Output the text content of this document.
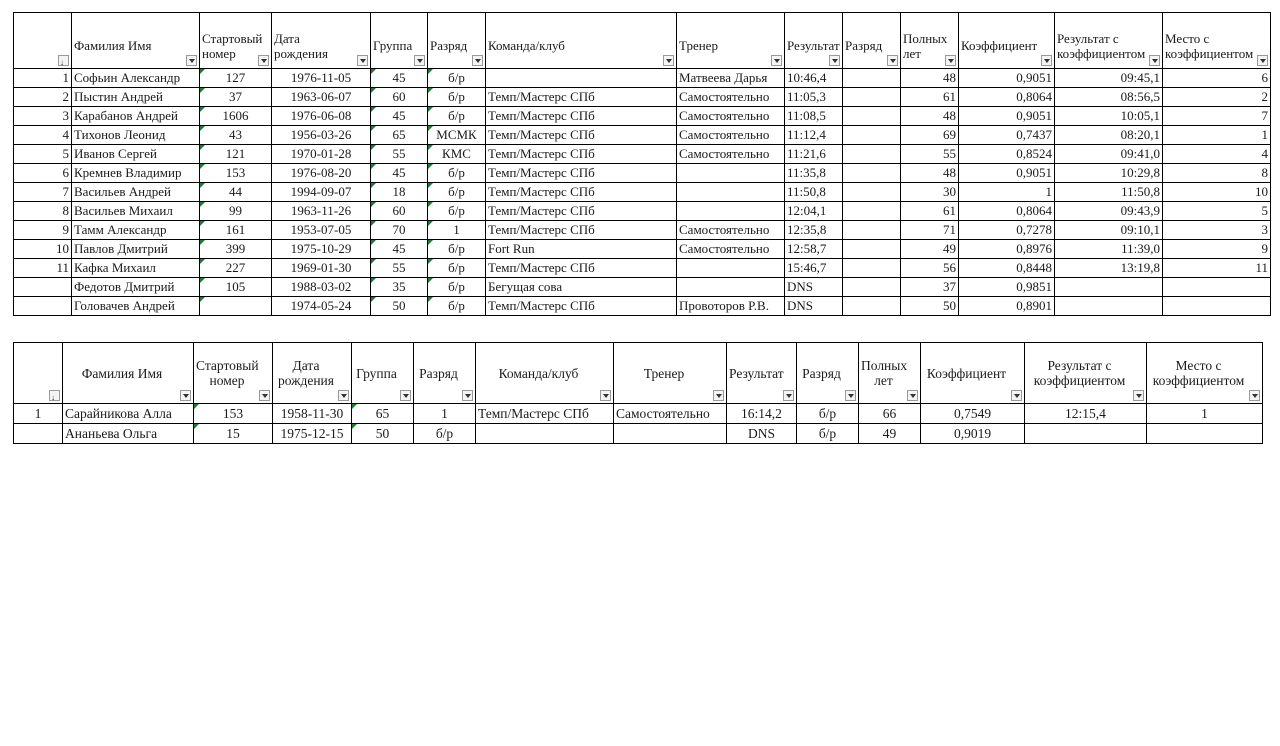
↓

Фамилия Имя	Стартовый номер	Дата рождения	Группа	Разряд	Команда/клуб	Тренер	Результат	Разряд	Полных лет	Коэффициент	Результат с коэффициентом	Место с коэффициентом

1	Софьин Александр	127	1976-11-05	45	б/р		Матвеева Дарья	10:46,4		48	0,9051	09:45,1	6
2	Пыстин Андрей	37	1963-06-07	60	б/р	Темп/Мастерс СПб	Самостоятельно	11:05,3		61	0,8064	08:56,5	2
3	Карабанов Андрей	1606	1976-06-08	45	б/р	Темп/Мастерс СПб	Самостоятельно	11:08,5		48	0,9051	10:05,1	7
4	Тихонов Леонид	43	1956-03-26	65	МСМК	Темп/Мастерс СПб	Самостоятельно	11:12,4		69	0,7437	08:20,1	1
5	Иванов Сергей	121	1970-01-28	55	КМС	Темп/Мастерс СПб	Самостоятельно	11:21,6		55	0,8524	09:41,0	4
6	Кремнев Владимир	153	1976-08-20	45	б/р	Темп/Мастерс СПб		11:35,8		48	0,9051	10:29,8	8
7	Васильев Андрей	44	1994-09-07	18	б/р	Темп/Мастерс СПб		11:50,8		30	1	11:50,8	10
8	Васильев Михаил	99	1963-11-26	60	б/р	Темп/Мастерс СПб		12:04,1		61	0,8064	09:43,9	5
9	Тамм Александр	161	1953-07-05	70	1	Темп/Мастерс СПб	Самостоятельно	12:35,8		71	0,7278	09:10,1	3
10	Павлов Дмитрий	399	1975-10-29	45	б/р	Fort Run	Самостоятельно	12:58,7		49	0,8976	11:39,0	9
11	Кафка Михаил	227	1969-01-30	55	б/р	Темп/Мастерс СПб		15:46,7		56	0,8448	13:19,8	11
	Федотов Дмитрий	105	1988-03-02	35	б/р	Бегущая сова		DNS		37	0,9851		
	Головачев Андрей		1974-05-24	50	б/р	Темп/Мастерс СПб	Провоторов Р.В.	DNS		50	0,8901		
↓

Фамилия Имя	Стартовый номер	Дата рождения	Группа	Разряд	Команда/клуб	Тренер	Результат	Разряд	Полных лет	Коэффициент	Результат с коэффициентом	Место с коэффициентом

1	Сарайникова Алла	153	1958-11-30	65	1	Темп/Мастерс СПб	Самостоятельно	16:14,2	б/р	66	0,7549	12:15,4	1
	Ананьева Ольга	15	1975-12-15	50	б/р			DNS	б/р	49	0,9019		
